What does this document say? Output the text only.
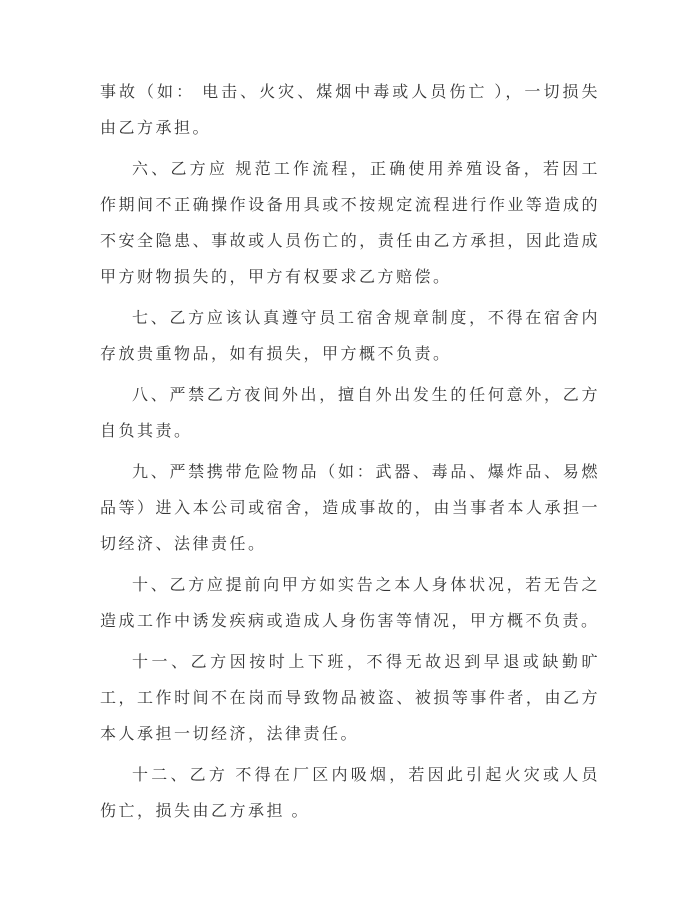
事故（如： 电击、火灾、煤烟中毒或人员伤亡 ），一切损失由乙方承担。

六、乙方应 规范工作流程，正确使用养殖设备，若因工作期间不正确操作设备用具或不按规定流程进行作业等造成的不安全隐患、事故或人员伤亡的，责任由乙方承担，因此造成甲方财物损失的，甲方有权要求乙方赔偿。

七、乙方应该认真遵守员工宿舍规章制度，不得在宿舍内存放贵重物品，如有损失，甲方概不负责。

八、严禁乙方夜间外出，擅自外出发生的任何意外，乙方自负其责。

九、严禁携带危险物品（如：武器、毒品、爆炸品、易燃品等）进入本公司或宿舍，造成事故的，由当事者本人承担一切经济、法律责任。

十、乙方应提前向甲方如实告之本人身体状况，若无告之造成工作中诱发疾病或造成人身伤害等情况，甲方概不负责。

十一、乙方因按时上下班，不得无故迟到早退或缺勤旷工，工作时间不在岗而导致物品被盗、被损等事件者，由乙方本人承担一切经济，法律责任。

十二、乙方 不得在厂区内吸烟，若因此引起火灾或人员伤亡，损失由乙方承担 。
